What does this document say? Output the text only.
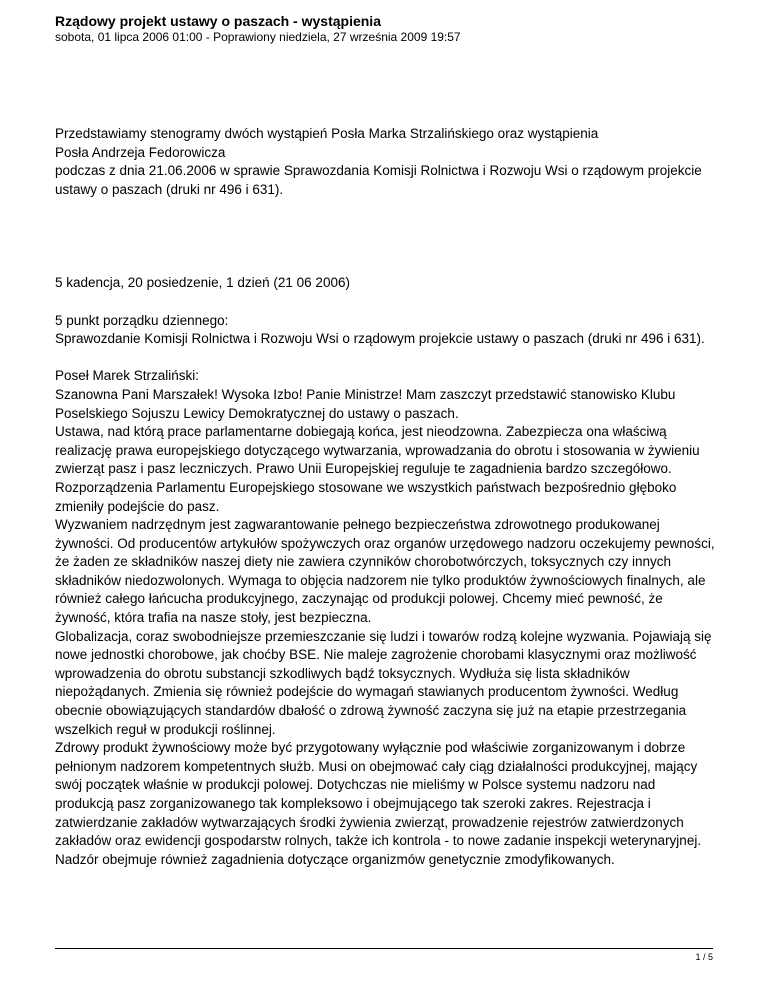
Rządowy projekt ustawy o paszach - wystąpienia

sobota, 01 lipca 2006 01:00 - Poprawiony niedziela, 27 września 2009 19:57

Przedstawiamy stenogramy dwóch wystąpień Posła Marka Strzalińskiego oraz wystąpienia
Posła Andrzeja Fedorowicza
podczas z dnia 21.06.2006 w sprawie Sprawozdania Komisji Rolnictwa i Rozwoju Wsi o rządowym projekcie ustawy o paszach (druki nr 496 i 631).

5 kadencja, 20 posiedzenie, 1 dzień (21 06 2006)

5 punkt porządku dziennego:
Sprawozdanie Komisji Rolnictwa i Rozwoju Wsi o rządowym projekcie ustawy o paszach (druki nr 496 i 631).

Poseł Marek Strzaliński:

Szanowna Pani Marszałek! Wysoka Izbo! Panie Ministrze! Mam zaszczyt przedstawić stanowisko Klubu Poselskiego Sojuszu Lewicy Demokratycznej do ustawy o paszach.

Ustawa, nad którą prace parlamentarne dobiegają końca, jest nieodzowna. Zabezpiecza ona właściwą realizację prawa europejskiego dotyczącego wytwarzania, wprowadzania do obrotu i stosowania w żywieniu zwierząt pasz i pasz leczniczych. Prawo Unii Europejskiej reguluje te zagadnienia bardzo szczegółowo. Rozporządzenia Parlamentu Europejskiego stosowane we wszystkich państwach bezpośrednio głęboko zmieniły podejście do pasz.

Wyzwaniem nadrzędnym jest zagwarantowanie pełnego bezpieczeństwa zdrowotnego produkowanej żywności. Od producentów artykułów spożywczych oraz organów urzędowego nadzoru oczekujemy pewności, że żaden ze składników naszej diety nie zawiera czynników chorobotwórczych, toksycznych czy innych składników niedozwolonych. Wymaga to objęcia nadzorem nie tylko produktów żywnościowych finalnych, ale również całego łańcucha produkcyjnego, zaczynając od produkcji polowej. Chcemy mieć pewność, że żywność, która trafia na nasze stoły, jest bezpieczna.

Globalizacja, coraz swobodniejsze przemieszczanie się ludzi i towarów rodzą kolejne wyzwania. Pojawiają się nowe jednostki chorobowe, jak choćby BSE. Nie maleje zagrożenie chorobami klasycznymi oraz możliwość wprowadzenia do obrotu substancji szkodliwych bądź toksycznych. Wydłuża się lista składników niepożądanych. Zmienia się również podejście do wymagań stawianych producentom żywności. Według obecnie obowiązujących standardów dbałość o zdrową żywność zaczyna się już na etapie przestrzegania wszelkich reguł w produkcji roślinnej.

Zdrowy produkt żywnościowy może być przygotowany wyłącznie pod właściwie zorganizowanym i dobrze pełnionym nadzorem kompetentnych służb. Musi on obejmować cały ciąg działalności produkcyjnej, mający swój początek właśnie w produkcji polowej. Dotychczas nie mieliśmy w Polsce systemu nadzoru nad produkcją pasz zorganizowanego tak kompleksowo i obejmującego tak szeroki zakres. Rejestracja i zatwierdzanie zakładów wytwarzających środki żywienia zwierząt, prowadzenie rejestrów zatwierdzonych zakładów oraz ewidencji gospodarstw rolnych, także ich kontrola - to nowe zadanie inspekcji weterynaryjnej. Nadzór obejmuje również zagadnienia dotyczące organizmów genetycznie zmodyfikowanych.

1 / 5
